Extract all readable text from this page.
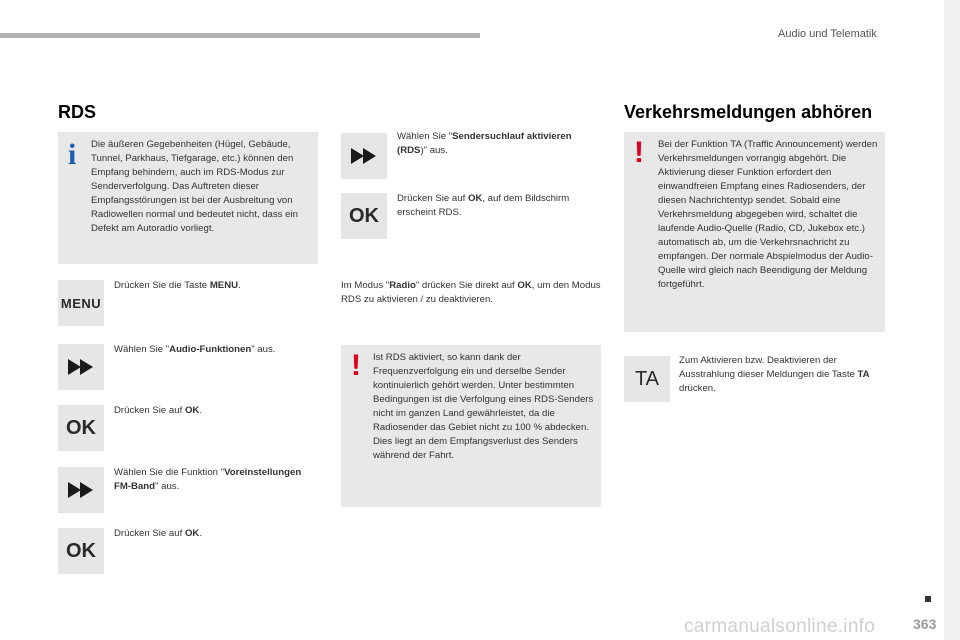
Audio und Telematik
RDS	Verkehrsmeldungen abhören
i Die äußeren Gegebenheiten (Hügel, Gebäude, Tunnel, Parkhaus, Tiefgarage, etc.) können den Empfang behindern, auch im RDS-Modus zur Senderverfolgung. Das Auftreten dieser Empfangsstörungen ist bei der Ausbreitung von Radiowellen normal und bedeutet nicht, dass ein Defekt am Autoradio vorliegt.
MENU
Drücken Sie die Taste MENU.
Wählen Sie "Audio-Funktionen" aus.
OK
Drücken Sie auf OK.
Wählen Sie die Funktion "Voreinstellungen FM-Band" aus.
OK
Drücken Sie auf OK.
Wählen Sie "Sendersuchlauf aktivieren (RDS)" aus.
OK
Drücken Sie auf OK, auf dem Bildschirm erscheint RDS.
Im Modus "Radio" drücken Sie direkt auf OK, um den Modus RDS zu aktivieren / zu deaktivieren.
! Ist RDS aktiviert, so kann dank der Frequenzverfolgung ein und derselbe Sender kontinuierlich gehört werden. Unter bestimmten Bedingungen ist die Verfolgung eines RDS-Senders nicht im ganzen Land gewährleistet, da die Radiosender das Gebiet nicht zu 100 % abdecken. Dies liegt an dem Empfangsverlust des Senders während der Fahrt.
! Bei der Funktion TA (Traffic Announcement) werden Verkehrsmeldungen vorrangig abgehört. Die Aktivierung dieser Funktion erfordert den einwandfreien Empfang eines Radiosenders, der diesen Nachrichtentyp sendet. Sobald eine Verkehrsmeldung abgegeben wird, schaltet die laufende Audio-Quelle (Radio, CD, Jukebox etc.) automatisch ab, um die Verkehrsnachricht zu empfangen. Der normale Abspielmodus der Audio-Quelle wird gleich nach Beendigung der Meldung fortgeführt.
TA
Zum Aktivieren bzw. Deaktivieren der Ausstrahlung dieser Meldungen die Taste TA drücken.
363
carmanualsonline.info
